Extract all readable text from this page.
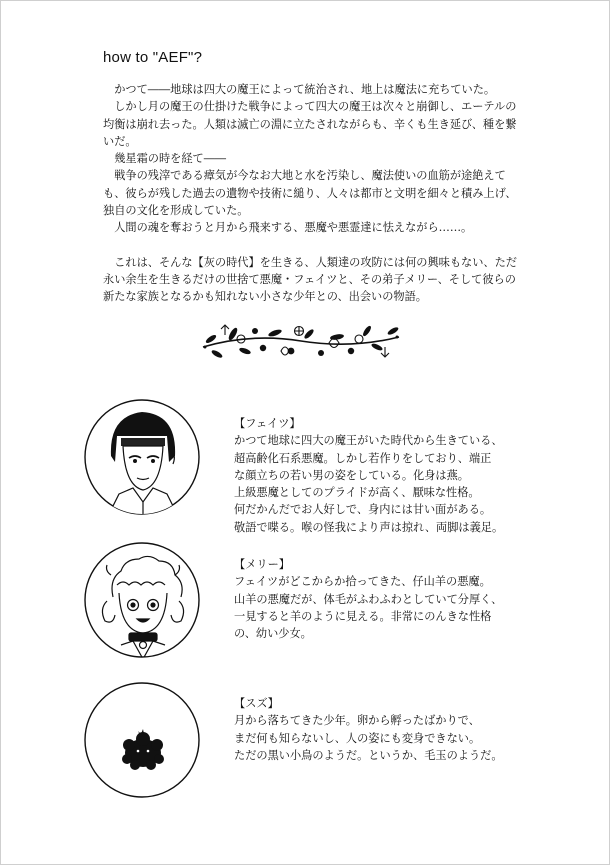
how to "AEF"?

　かつて――地球は四大の魔王によって統治され、地上は魔法に充ちていた。

　しかし月の魔王の仕掛けた戦争によって四大の魔王は次々と崩御し、エーテルの均衡は崩れ去った。人類は滅亡の淵に立たされながらも、辛くも生き延び、種を繋いだ。

　幾星霜の時を経て――

　戦争の残滓である瘴気が今なお大地と水を汚染し、魔法使いの血筋が途絶えても、彼らが残した過去の遺物や技術に縋り、人々は都市と文明を細々と積み上げ、独自の文化を形成していた。

　人間の魂を奪おうと月から飛来する、悪魔や悪霊達に怯えながら……。

　これは、そんな【灰の時代】を生きる、人類達の攻防には何の興味もない、ただ永い余生を生きるだけの世捨て悪魔・フェイツと、その弟子メリー、そして彼らの新たな家族となるかも知れない小さな少年との、出会いの物語。

【フェイツ】
かつて地球に四大の魔王がいた時代から生きている、
超高齢化石系悪魔。しかし若作りをしており、端正
な顔立ちの若い男の姿をしている。化身は燕。
上級悪魔としてのプライドが高く、厭味な性格。
何だかんだでお人好しで、身内には甘い面がある。
敬語で喋る。喉の怪我により声は掠れ、両脚は義足。
【メリー】
フェイツがどこからか拾ってきた、仔山羊の悪魔。
山羊の悪魔だが、体毛がふわふわとしていて分厚く、
一見すると羊のように見える。非常にのんきな性格
の、幼い少女。
【スズ】
月から落ちてきた少年。卵から孵ったばかりで、
まだ何も知らないし、人の姿にも変身できない。
ただの黒い小鳥のようだ。というか、毛玉のようだ。
